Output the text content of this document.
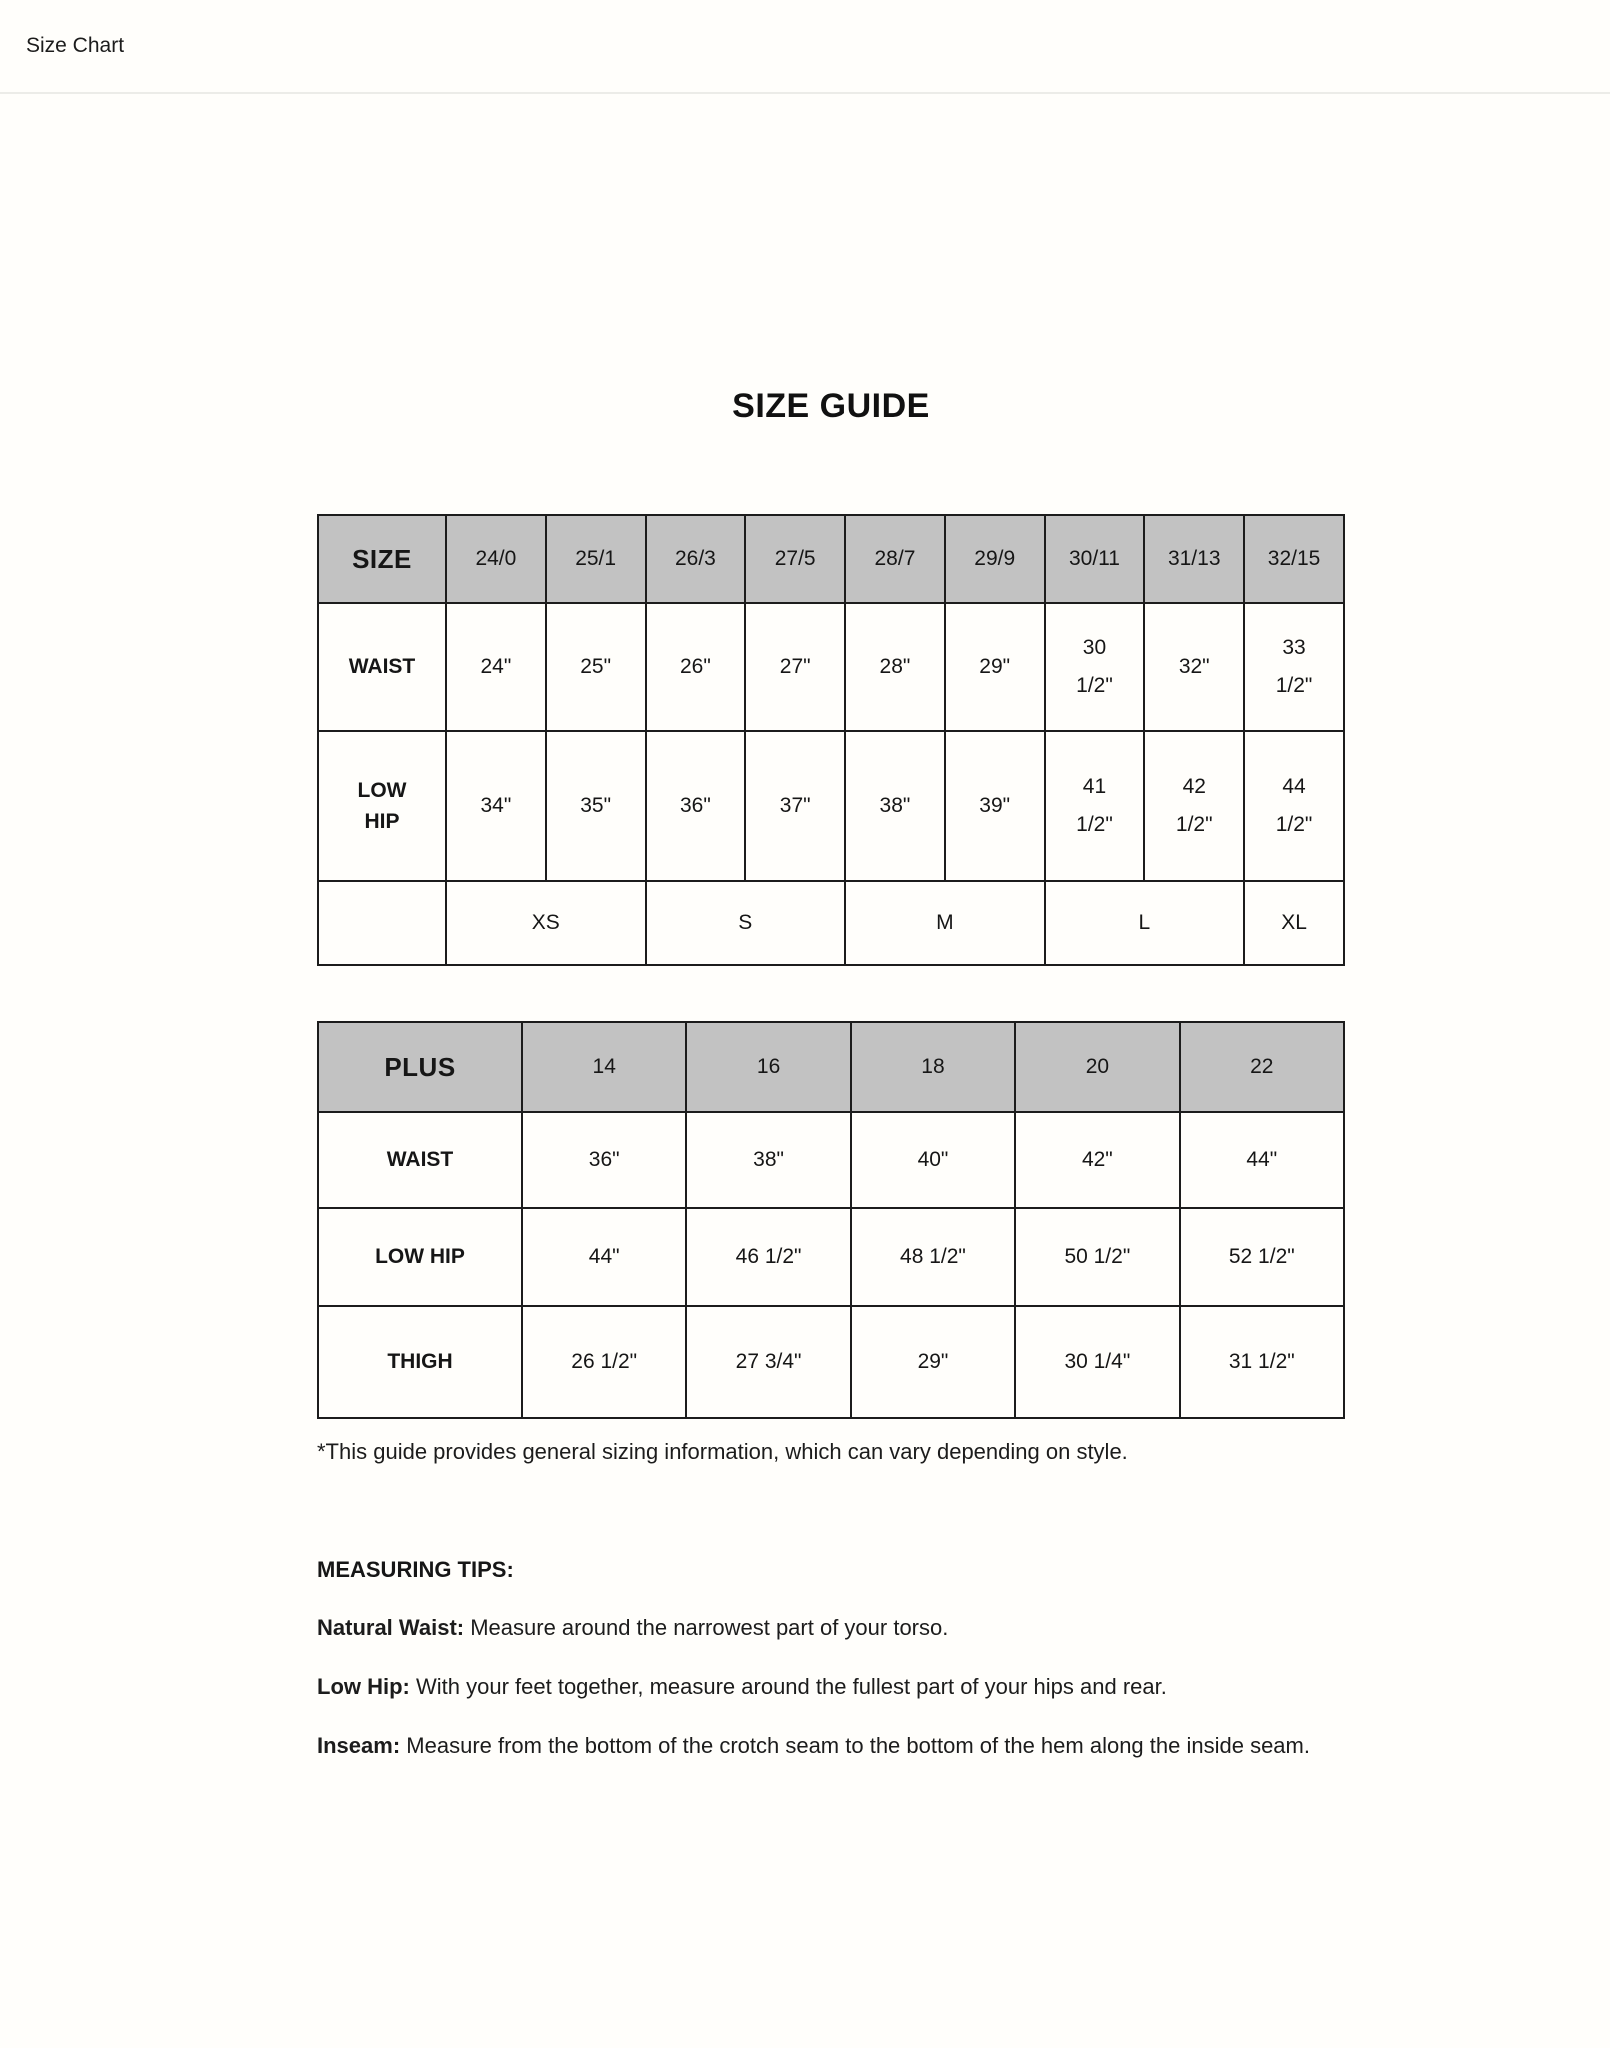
Size Chart
SIZE GUIDE
SIZE	24/0	25/1	26/3	27/5	28/7	29/9	30/11	31/13	32/15
WAIST	24"	25"	26"	27"	28"	29"	30 1/2"	32"	33 1/2"
LOW HIP	34"	35"	36"	37"	38"	39"	41 1/2"	42 1/2"	44 1/2"
	XS		S		M		L		XL
PLUS	14	16	18	20	22
WAIST	36"	38"	40"	42"	44"
LOW HIP	44"	46 1/2"	48 1/2"	50 1/2"	52 1/2"
THIGH	26 1/2"	27 3/4"	29"	30 1/4"	31 1/2"

*This guide provides general sizing information, which can vary depending on style.

MEASURING TIPS:

Natural Waist: Measure around the narrowest part of your torso.

Low Hip: With your feet together, measure around the fullest part of your hips and rear.

Inseam: Measure from the bottom of the crotch seam to the bottom of the hem along the inside seam.
